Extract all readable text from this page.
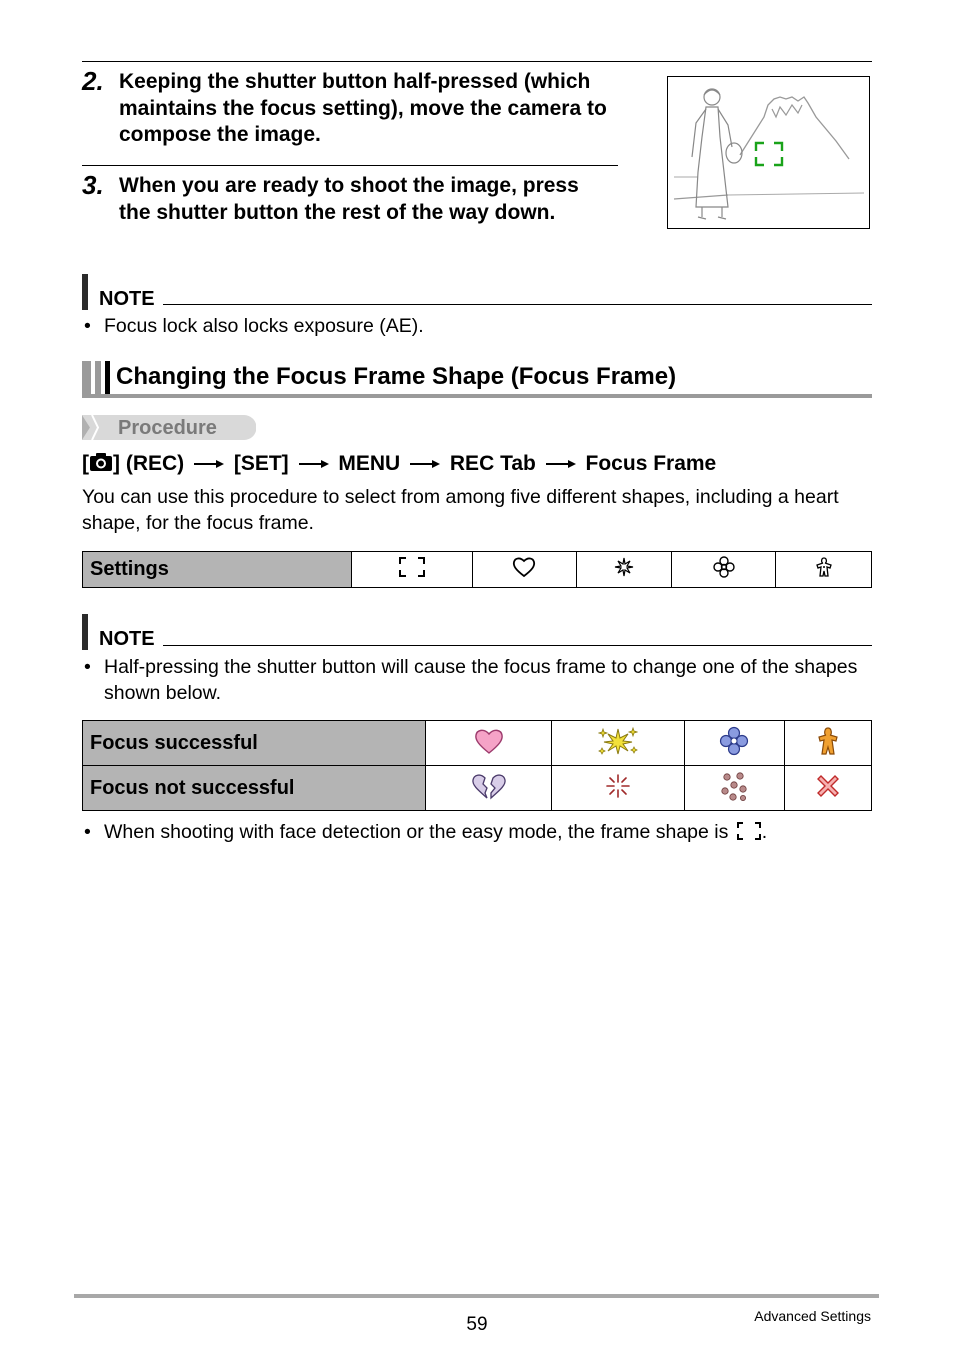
2. Keeping the shutter button half-pressed (which maintains the focus setting), move the camera to compose the image.
3. When you are ready to shoot the image, press the shutter button the rest of the way down.
NOTE
• Focus lock also locks exposure (AE).
Changing the Focus Frame Shape (Focus Frame)
Procedure
[ ] (REC) [SET] MENU REC Tab Focus Frame
You can use this procedure to select from among five different shapes, including a heart shape, for the focus frame.
Settings					
NOTE
• Half-pressing the shutter button will cause the focus frame to change one of the shapes shown below.
Focus successful				
Focus not successful				
• When shooting with face detection or the easy mode, the frame shape is .
59	Advanced Settings
